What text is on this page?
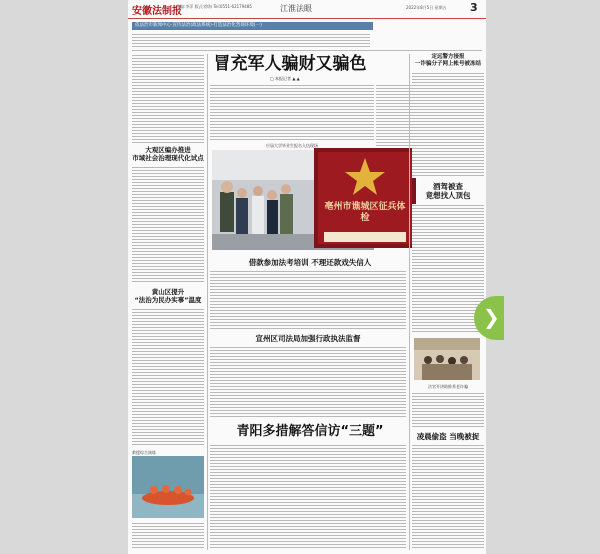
安徽法制报
责编:李萍 版式:徐海 Tel:0551-62179485	江淮法眼	2022年8月5日 星期五 3
依法治市新闻中心·宣传法治(政法系统)·打造法治化营商环境(一)
大观区编办推进
市域社会治理现代化试点
黄山区提升
“法治为民办实事”温度
救援综合演练
冒充军人骗财又骗色
□ 本报记者 ▲ ▲
应届大学毕业生报名入伍现场
亳州市谯城区征兵体检
借款参加法考培训 不理还款戏失信人
宣州区司法局加强行政执法监督
青阳多措解答信访“三题”
定远警方接报
一诈骗分子网上帐号被冻结
酒驾被查
竟想找人顶包
法官开讲助推养老诈骗
凌晨偷盗 当晚被捉
❯
